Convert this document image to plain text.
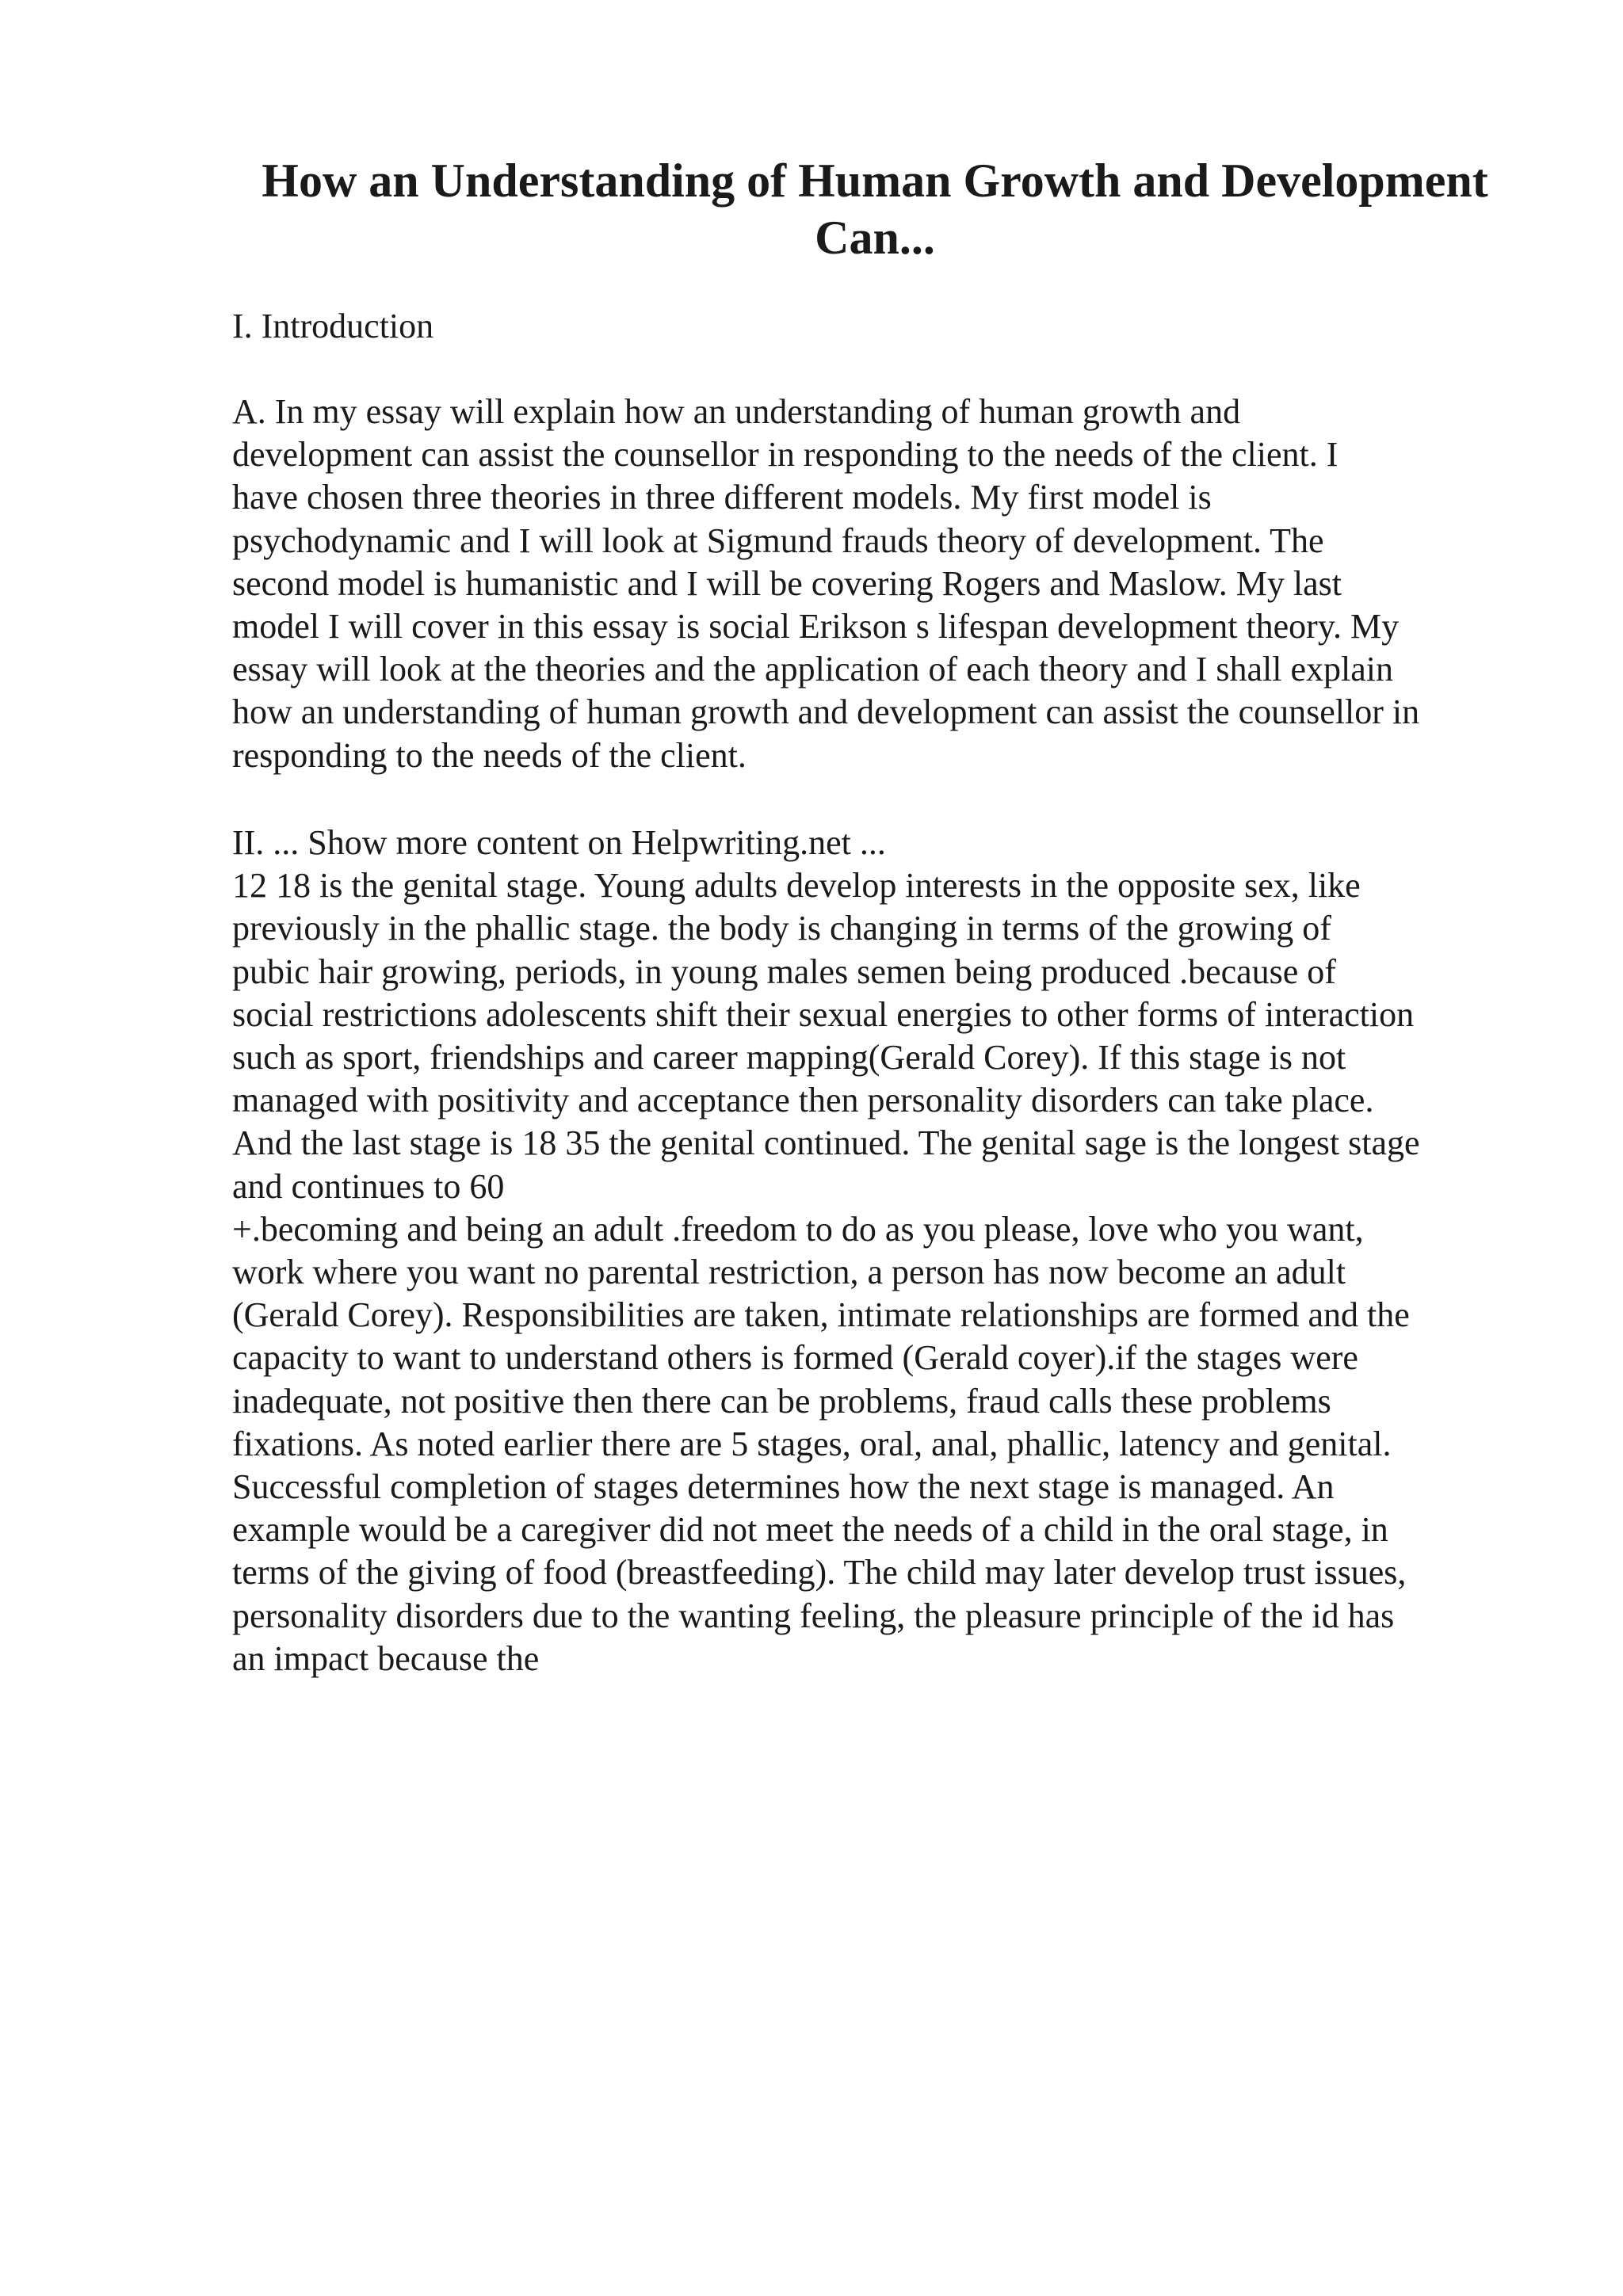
How an Understanding of Human Growth and Development
Can...

I. Introduction

A. In my essay will explain how an understanding of human growth and
development can assist the counsellor in responding to the needs of the client. I
have chosen three theories in three different models. My first model is
psychodynamic and I will look at Sigmund frauds theory of development. The
second model is humanistic and I will be covering Rogers and Maslow. My last
model I will cover in this essay is social Erikson s lifespan development theory. My
essay will look at the theories and the application of each theory and I shall explain
how an understanding of human growth and development can assist the counsellor in
responding to the needs of the client.

II. ... Show more content on Helpwriting.net ...
12 18 is the genital stage. Young adults develop interests in the opposite sex, like
previously in the phallic stage. the body is changing in terms of the growing of
pubic hair growing, periods, in young males semen being produced .because of
social restrictions adolescents shift their sexual energies to other forms of interaction
such as sport, friendships and career mapping(Gerald Corey). If this stage is not
managed with positivity and acceptance then personality disorders can take place.
And the last stage is 18 35 the genital continued. The genital sage is the longest stage
and continues to 60
+.becoming and being an adult .freedom to do as you please, love who you want,
work where you want no parental restriction, a person has now become an adult
(Gerald Corey). Responsibilities are taken, intimate relationships are formed and the
capacity to want to understand others is formed (Gerald coyer).if the stages were
inadequate, not positive then there can be problems, fraud calls these problems
fixations. As noted earlier there are 5 stages, oral, anal, phallic, latency and genital.
Successful completion of stages determines how the next stage is managed. An
example would be a caregiver did not meet the needs of a child in the oral stage, in
terms of the giving of food (breastfeeding). The child may later develop trust issues,
personality disorders due to the wanting feeling, the pleasure principle of the id has
an impact because the
